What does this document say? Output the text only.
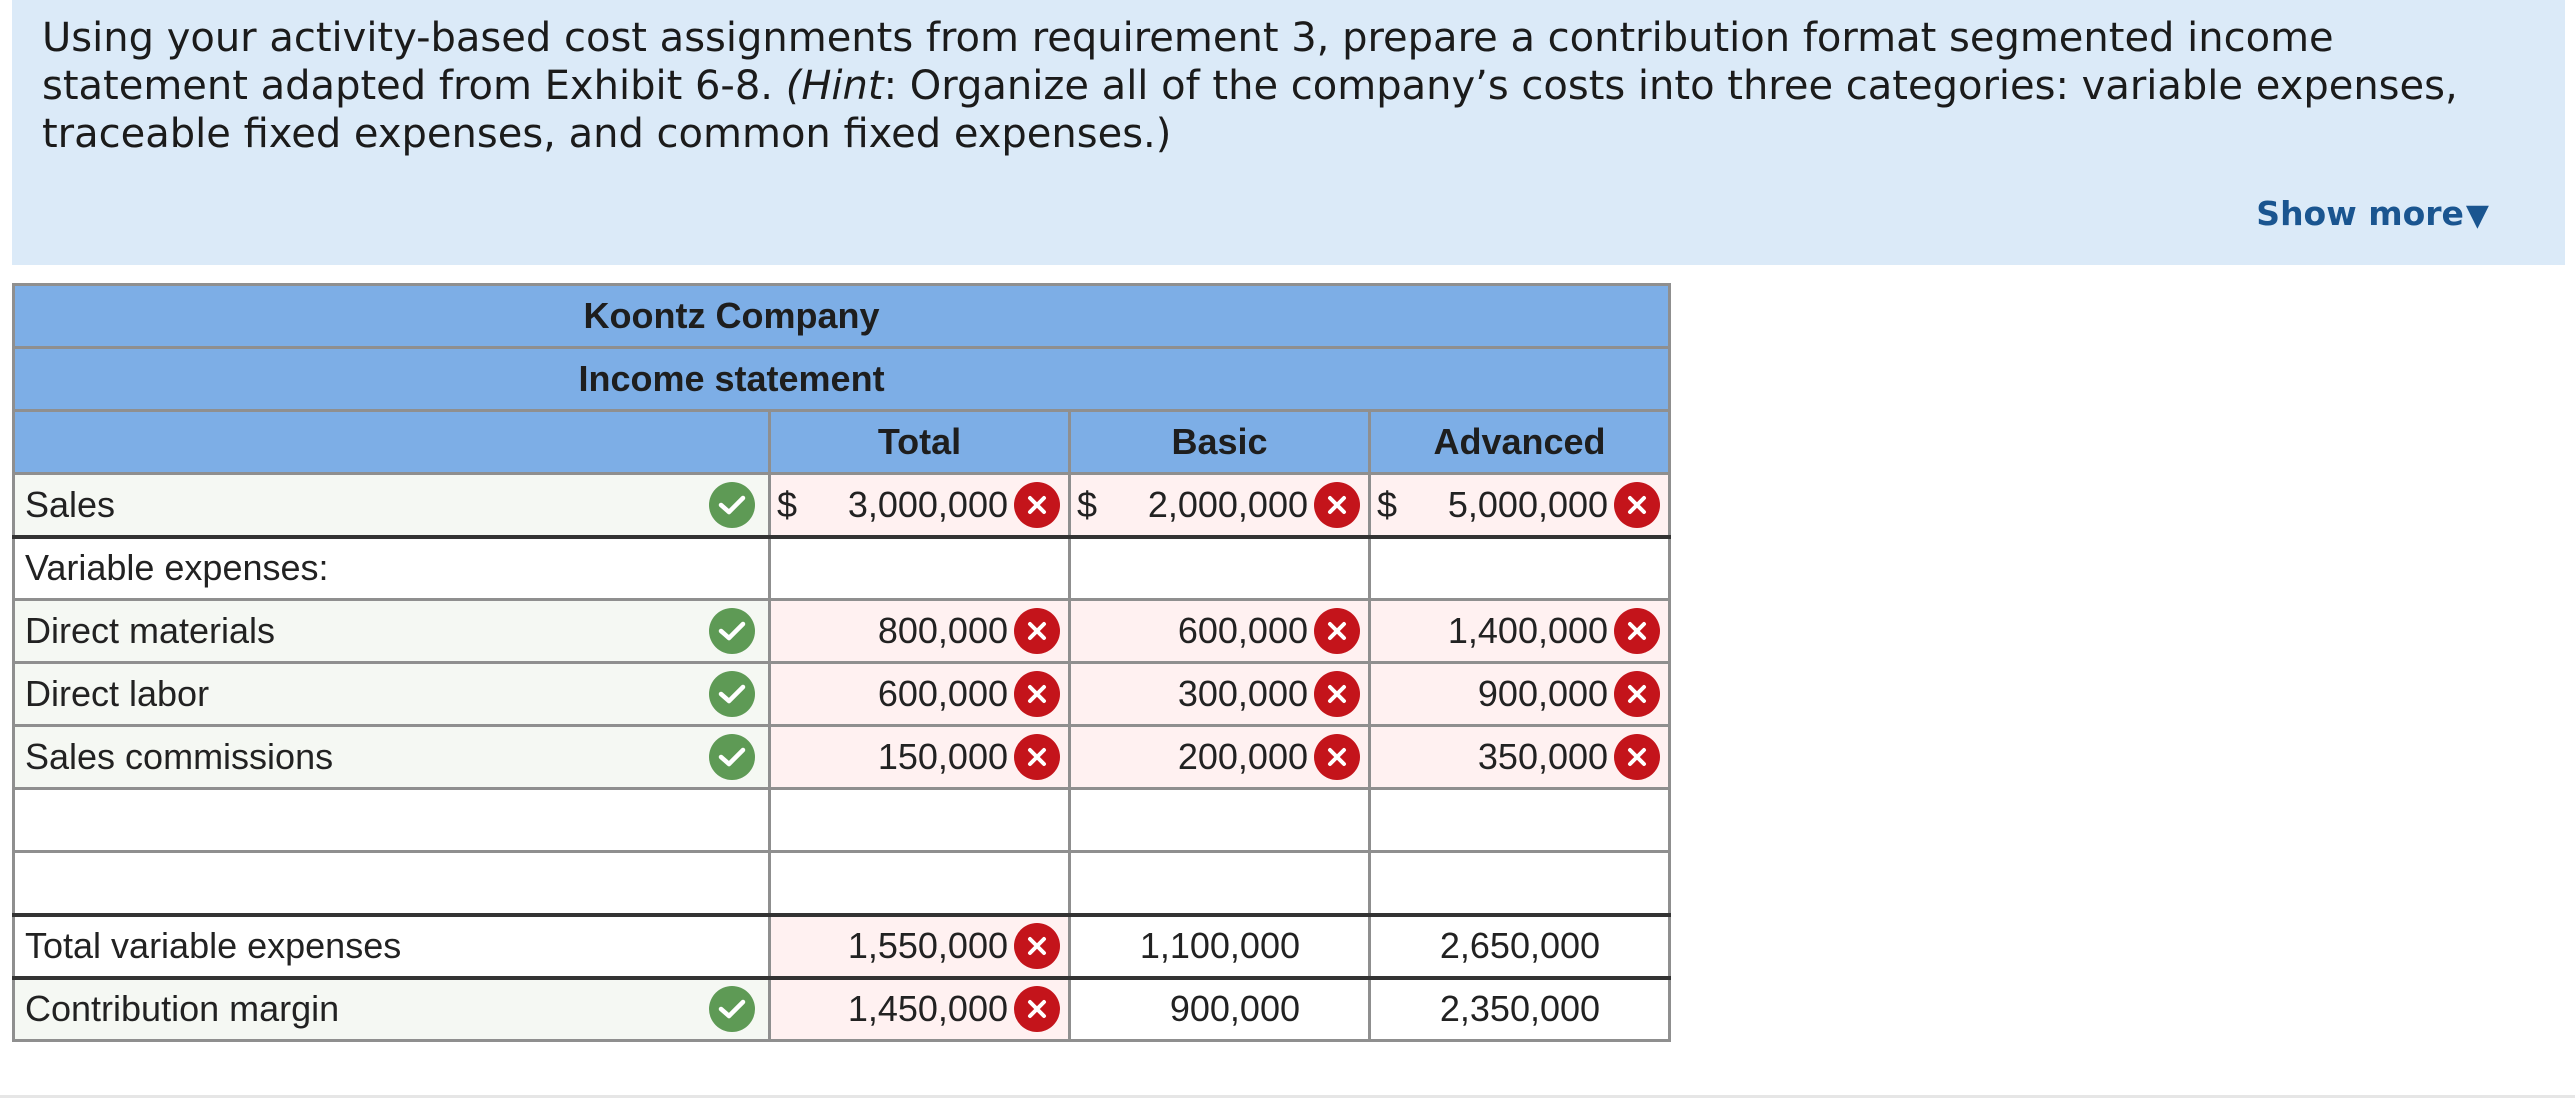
Using your activity-based cost assignments from requirement 3, prepare a contribution format segmented income statement adapted from Exhibit 6-8. (Hint: Organize all of the company’s costs into three categories: variable expenses, traceable fixed expenses, and common fixed expenses.)

Show more▼
Koontz Company			
Income statement			
	Total	Basic	Advanced
Sales	$ 3,000,000	$ 2,000,000	$ 5,000,000

Variable expenses:			
Direct materials	800,000	600,000	1,400,000

Direct labor	600,000	300,000	900,000

Sales commissions	150,000	200,000	350,000

Total variable expenses	1,550,000	1,100,000	2,650,000
Contribution margin	1,450,000	900,000	2,350,000
